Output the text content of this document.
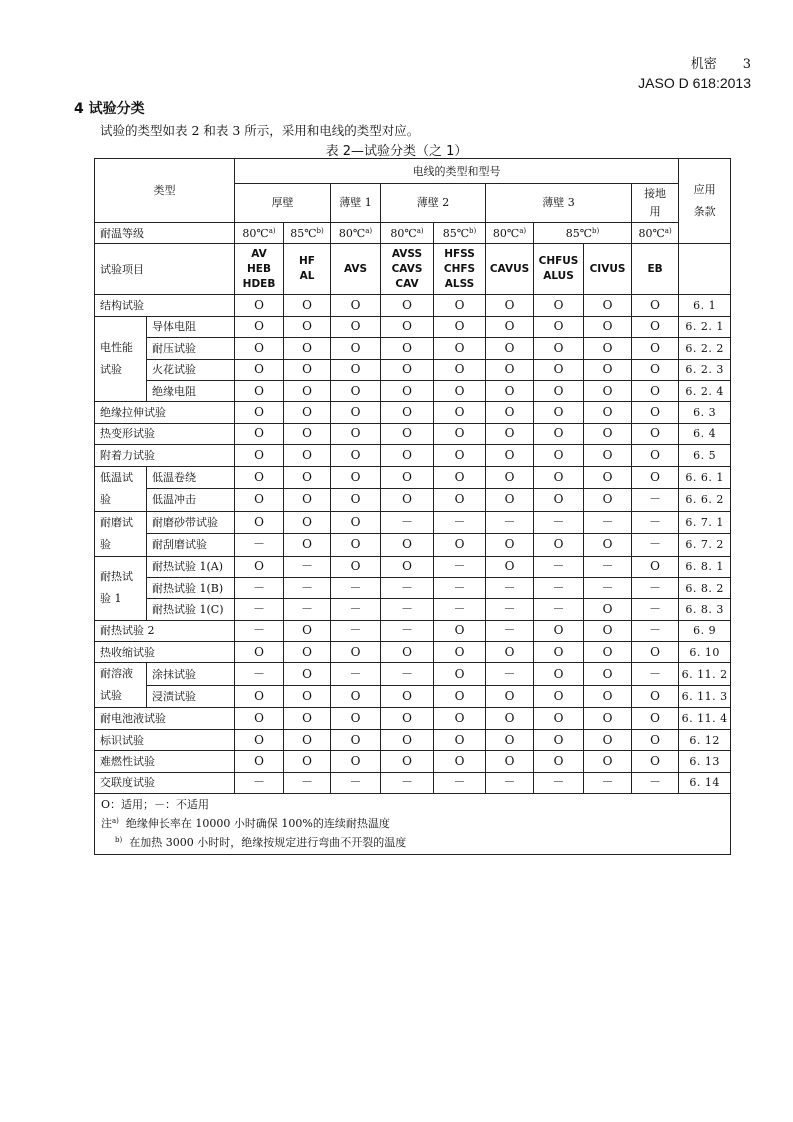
机密　　3
JASO D 618:2013
4 试验分类
试验的类型如表 2 和表 3 所示，采用和电线的类型对应。
表 2—试验分类（之 1）
类型		电线的类型和型号									应用
条款
		厚壁		薄壁 1	薄壁 2		薄壁 3			接地
用	
耐温等级		80℃$^{a)}$	85℃$^{b)}$	80℃$^{a)}$	80℃$^{a)}$	85℃$^{b)}$	80℃$^{a)}$	85℃$^{b)}$		80℃$^{a)}$
试验项目		AV
HEB
HDEB	HF
AL	AVS	AVSS
CAVS
CAV	HFSS
CHFS
ALSS	CAVUS	CHFUS
ALUS	CIVUS	EB	
结构试验		O	O	O	O	O	O	O	O	O	6. 1
电性能
试验	导体电阻	O	O	O	O	O	O	O	O	O	6. 2. 1
	耐压试验	O	O	O	O	O	O	O	O	O	6. 2. 2
	火花试验	O	O	O	O	O	O	O	O	O	6. 2. 3
	绝缘电阻	O	O	O	O	O	O	O	O	O	6. 2. 4
绝缘拉伸试验		O	O	O	O	O	O	O	O	O	6. 3
热变形试验		O	O	O	O	O	O	O	O	O	6. 4
附着力试验		O	O	O	O	O	O	O	O	O	6. 5
低温试
验	低温卷绕	O	O	O	O	O	O	O	O	O	6. 6. 1
	低温冲击	O	O	O	O	O	O	O	O	－	6. 6. 2
耐磨试
验	耐磨砂带试验	O	O	O	－	－	－	－	－	－	6. 7. 1
	耐刮磨试验	－	O	O	O	O	O	O	O	－	6. 7. 2
耐热试
验 1	耐热试验 1(A)	O	－	O	O	－	O	－	－	O	6. 8. 1
	耐热试验 1(B)	－	－	－	－	－	－	－	－	－	6. 8. 2
	耐热试验 1(C)	－	－	－	－	－	－	－	O	－	6. 8. 3
耐热试验 2		－	O	－	－	O	－	O	O	－	6. 9
热收缩试验		O	O	O	O	O	O	O	O	O	6. 10
耐溶液
试验	涂抹试验	－	O	－	－	O	－	O	O	－	6. 11. 2
	浸渍试验	O	O	O	O	O	O	O	O	O	6. 11. 3
耐电池液试验		O	O	O	O	O	O	O	O	O	6. 11. 4
标识试验		O	O	O	O	O	O	O	O	O	6. 12
难燃性试验		O	O	O	O	O	O	O	O	O	6. 13
交联度试验		－	－	－	－	－	－	－	－	－	6. 14

O：适用；－：不适用
注$^{a)}$ 绝缘伸长率在 10000 小时确保 100%的连续耐热温度
$^{b)}$ 在加热 3000 小时时，绝缘按规定进行弯曲不开裂的温度											
